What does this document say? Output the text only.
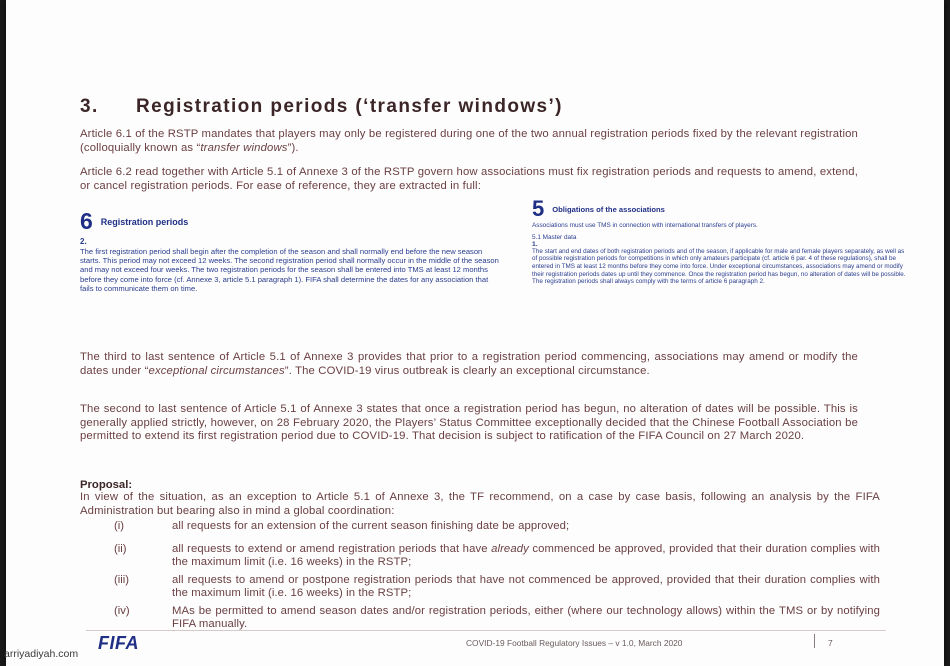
3. Registration periods (‘transfer windows’)
Article 6.1 of the RSTP mandates that players may only be registered during one of the two annual registration periods fixed by the relevant registration (colloquially known as “transfer windows”).
Article 6.2 read together with Article 5.1 of Annexe 3 of the RSTP govern how associations must fix registration periods and requests to amend, extend, or cancel registration periods. For ease of reference, they are extracted in full:
6 Registration periods
2.
The first registration period shall begin after the completion of the season and shall normally end before the new season starts. This period may not exceed 12 weeks. The second registration period shall normally occur in the middle of the season and may not exceed four weeks. The two registration periods for the season shall be entered into TMS at least 12 months before they come into force (cf. Annexe 3, article 5.1 paragraph 1). FIFA shall determine the dates for any association that fails to communicate them on time.
5 Obligations of the associations
Associations must use TMS in connection with international transfers of players.
5.1 Master data
1.
The start and end dates of both registration periods and of the season, if applicable for male and female players separately, as well as of possible registration periods for competitions in which only amateurs participate (cf. article 6 par. 4 of these regulations), shall be entered in TMS at least 12 months before they come into force. Under exceptional circumstances, associations may amend or modify their registration periods dates up until they commence. Once the registration period has begun, no alteration of dates will be possible. The registration periods shall always comply with the terms of article 6 paragraph 2.
The third to last sentence of Article 5.1 of Annexe 3 provides that prior to a registration period commencing, associations may amend or modify the dates under “exceptional circumstances”. The COVID-19 virus outbreak is clearly an exceptional circumstance.
The second to last sentence of Article 5.1 of Annexe 3 states that once a registration period has begun, no alteration of dates will be possible. This is generally applied strictly, however, on 28 February 2020, the Players’ Status Committee exceptionally decided that the Chinese Football Association be permitted to extend its first registration period due to COVID-19. That decision is subject to ratification of the FIFA Council on 27 March 2020.
Proposal:
In view of the situation, as an exception to Article 5.1 of Annexe 3, the TF recommend, on a case by case basis, following an analysis by the FIFA Administration but bearing also in mind a global coordination:
(i)	all requests for an extension of the current season finishing date be approved;
(ii)	all requests to extend or amend registration periods that have already commenced be approved, provided that their duration complies with the maximum limit (i.e. 16 weeks) in the RSTP;
(iii)	all requests to amend or postpone registration periods that have not commenced be approved, provided that their duration complies with the maximum limit (i.e. 16 weeks) in the RSTP;
(iv)	MAs be permitted to amend season dates and/or registration periods, either (where our technology allows) within the TMS or by notifying FIFA manually.
FIFA	COVID-19 Football Regulatory Issues – v 1.0, March 2020	7
arriyadiyah.com
